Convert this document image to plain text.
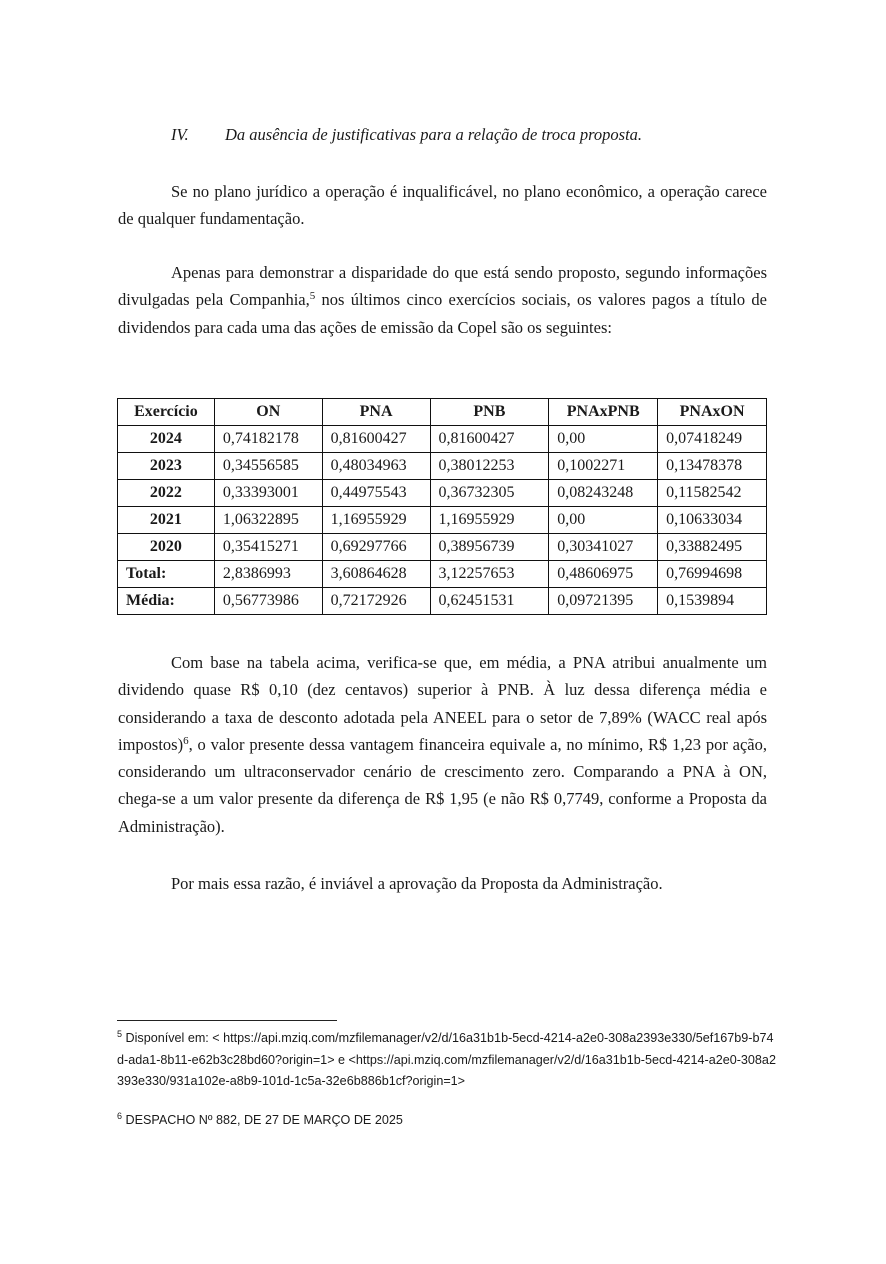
IV. Da ausência de justificativas para a relação de troca proposta.

Se no plano jurídico a operação é inqualificável, no plano econômico, a operação carece de qualquer fundamentação.

Apenas para demonstrar a disparidade do que está sendo proposto, segundo informações divulgadas pela Companhia,$^5$ nos últimos cinco exercícios sociais, os valores pagos a título de dividendos para cada uma das ações de emissão da Copel são os seguintes:

Exercício	ON	PNA	PNB	PNAxPNB	PNAxON
2024	0,74182178	0,81600427	0,81600427	0,00	0,07418249
2023	0,34556585	0,48034963	0,38012253	0,1002271	0,13478378
2022	0,33393001	0,44975543	0,36732305	0,08243248	0,11582542
2021	1,06322895	1,16955929	1,16955929	0,00	0,10633034
2020	0,35415271	0,69297766	0,38956739	0,30341027	0,33882495
Total:	2,8386993	3,60864628	3,12257653	0,48606975	0,76994698
Média:	0,56773986	0,72172926	0,62451531	0,09721395	0,1539894

Com base na tabela acima, verifica-se que, em média, a PNA atribui anualmente um dividendo quase R$ 0,10 (dez centavos) superior à PNB. À luz dessa diferença média e considerando a taxa de desconto adotada pela ANEEL para o setor de 7,89% (WACC real após impostos)$^6$, o valor presente dessa vantagem financeira equivale a, no mínimo, R$ 1,23 por ação, considerando um ultraconservador cenário de crescimento zero. Comparando a PNA à ON, chega-se a um valor presente da diferença de R$ 1,95 (e não R$ 0,7749, conforme a Proposta da Administração).

Por mais essa razão, é inviável a aprovação da Proposta da Administração.

$^5$ Disponível em: < https://api.mziq.com/mzfilemanager/v2/d/16a31b1b-5ecd-4214-a2e0-308a2393e330/5ef167b9-b74d-ada1-8b11-e62b3c28bd60?origin=1> e <https://api.mziq.com/mzfilemanager/v2/d/16a31b1b-5ecd-4214-a2e0-308a2393e330/931a102e-a8b9-101d-1c5a-32e6b886b1cf?origin=1>

$^6$ DESPACHO Nº 882, DE 27 DE MARÇO DE 2025
